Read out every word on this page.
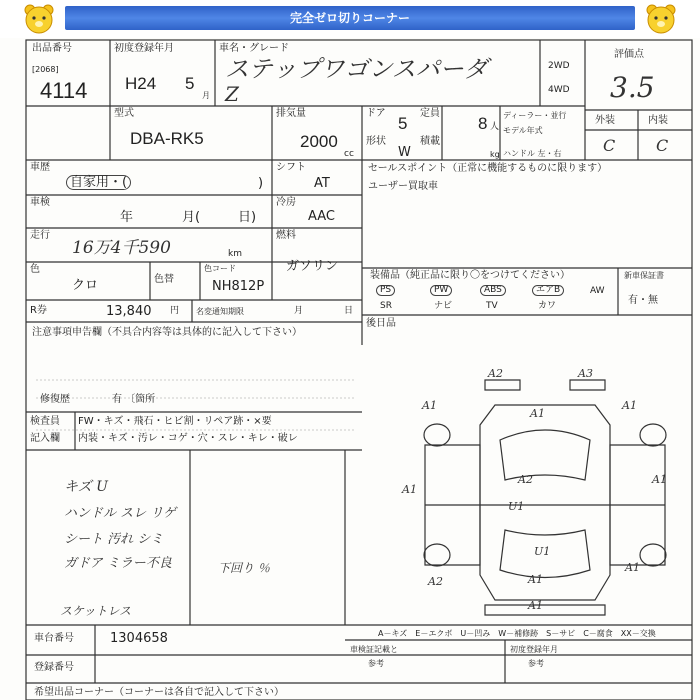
完全ゼロ切りコーナー
出品番号
[2068]
4114
初度登録年月
H24 5
月
車名・グレード
ステップワゴンスパーダ
Z
2WD
4WD
評価点
3.5
外装	内装
C	C
型式
DBA-RK5
排気量
2000
cc
ドア
5
定員
8 人
形状
W
積載
kg
ディーラー・並行
モデル年式
ハンドル 左・右
車歴
自家用・(	)
シフト
AT
車検
年	月(	日)
冷房
AAC
走行
16万4千590	km
燃料
ガソリン
色
クロ	色替
色コード
NH812P
R券	13,840 円 名変通知期限	月	日
セールスポイント（正常に機能するものに限ります）
ユーザー買取車
装備品（純正品に限り〇をつけてください）
PS	PW	ABS	エアB	AW
SR	ナビ	TV	カワ
新車保証書
有・無
後日品
注意事項申告欄（不具合内容等は具体的に記入して下さい）
修復歴	有 〔箇所
検査員
記入欄
FW・キズ・飛石・ヒビ割・リペア跡・×要
内装・キズ・汚レ・コゲ・穴・スレ・キレ・破レ
キズ U
ハンドル スレ リゲ
シート 汚れ シミ
ガドア ミラー不良
スケットレス
下回り ％
A2	A3
A1
A1
A1
A1
A1
A2
U1
U1
A1
A2	A1
A1
A－キズ　E－エクボ　U－凹み　W－補修跡　S－サビ　C－腐食　XX－交換
車台番号	1304658
登録番号
車検証記載と
参考
初度登録年月
参考
希望出品コーナー（コーナーは各自で記入して下さい）
